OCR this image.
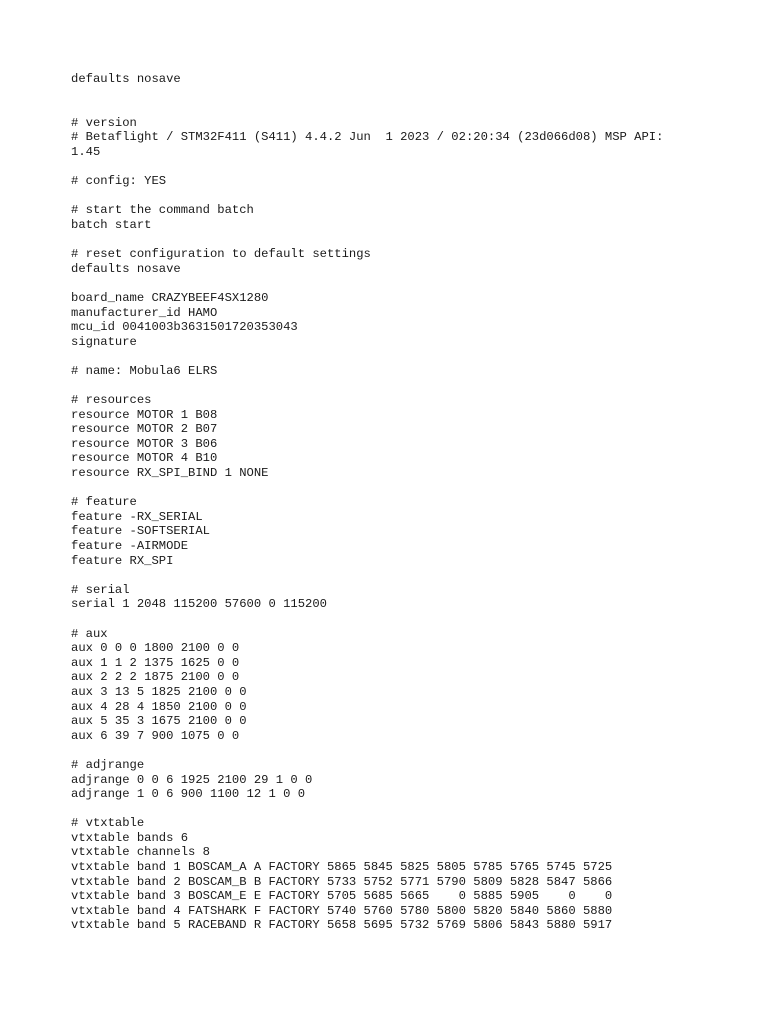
defaults nosave
# version
# Betaflight / STM32F411 (S411) 4.4.2 Jun  1 2023 / 02:20:34 (23d066d08) MSP API:
1.45
# config: YES
# start the command batch
batch start
# reset configuration to default settings
defaults nosave
board_name CRAZYBEEF4SX1280
manufacturer_id HAMO
mcu_id 0041003b3631501720353043
signature
# name: Mobula6 ELRS
# resources
resource MOTOR 1 B08
resource MOTOR 2 B07
resource MOTOR 3 B06
resource MOTOR 4 B10
resource RX_SPI_BIND 1 NONE
# feature
feature -RX_SERIAL
feature -SOFTSERIAL
feature -AIRMODE
feature RX_SPI
# serial
serial 1 2048 115200 57600 0 115200
# aux
aux 0 0 0 1800 2100 0 0
aux 1 1 2 1375 1625 0 0
aux 2 2 2 1875 2100 0 0
aux 3 13 5 1825 2100 0 0
aux 4 28 4 1850 2100 0 0
aux 5 35 3 1675 2100 0 0
aux 6 39 7 900 1075 0 0
# adjrange
adjrange 0 0 6 1925 2100 29 1 0 0
adjrange 1 0 6 900 1100 12 1 0 0
# vtxtable
vtxtable bands 6
vtxtable channels 8
vtxtable band 1 BOSCAM_A A FACTORY 5865 5845 5825 5805 5785 5765 5745 5725
vtxtable band 2 BOSCAM_B B FACTORY 5733 5752 5771 5790 5809 5828 5847 5866
vtxtable band 3 BOSCAM_E E FACTORY 5705 5685 5665    0 5885 5905    0    0
vtxtable band 4 FATSHARK F FACTORY 5740 5760 5780 5800 5820 5840 5860 5880
vtxtable band 5 RACEBAND R FACTORY 5658 5695 5732 5769 5806 5843 5880 5917
